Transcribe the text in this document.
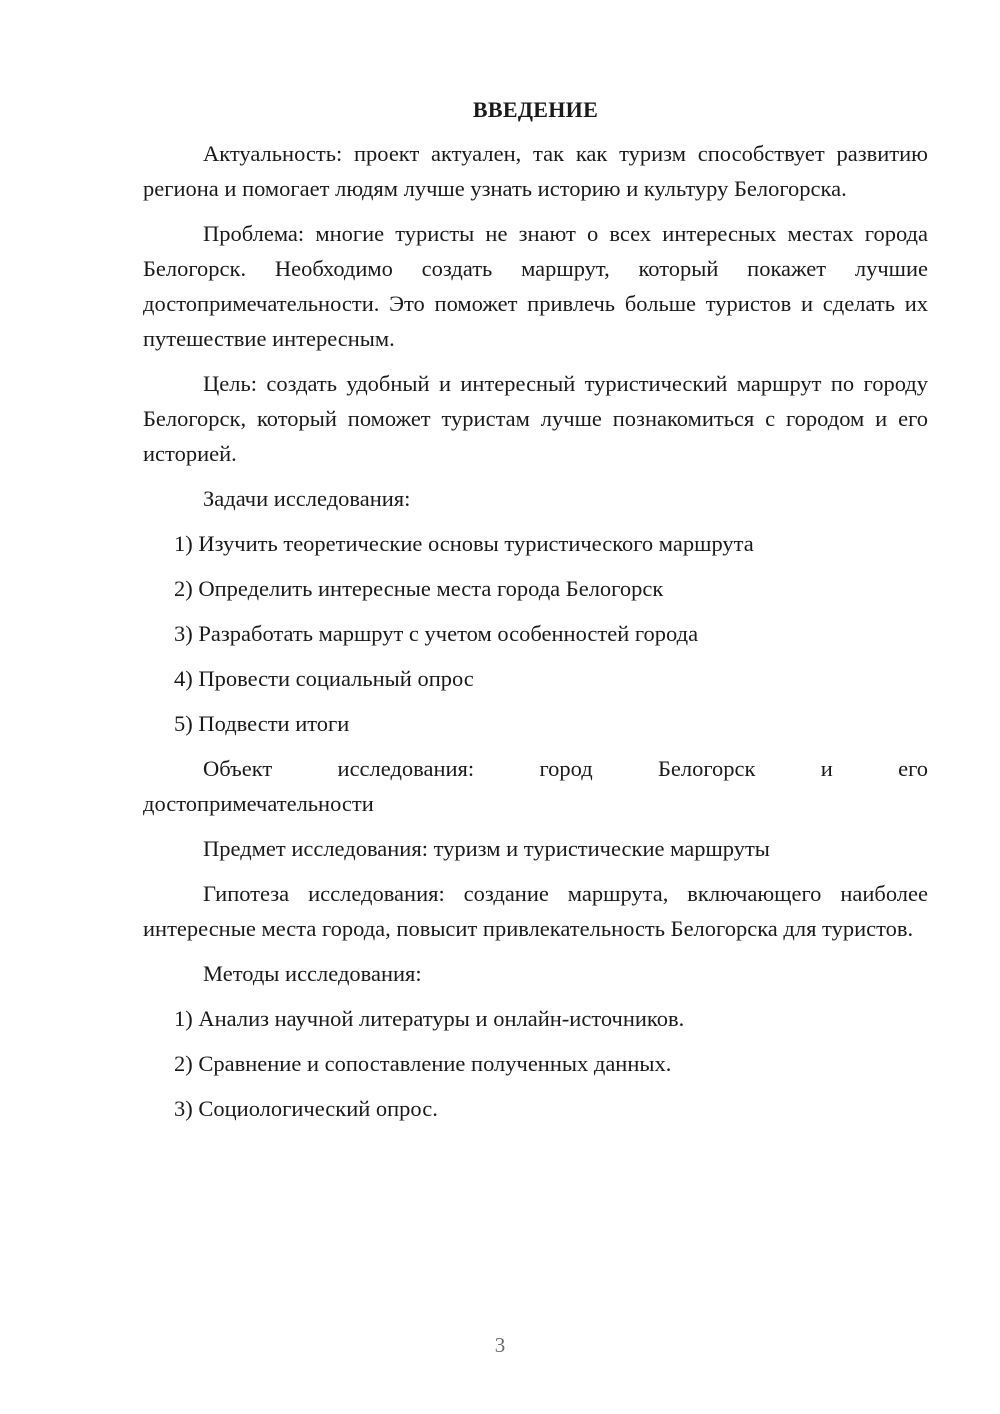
ВВЕДЕНИЕ
Актуальность: проект актуален, так как туризм способствует развитию региона и помогает людям лучше узнать историю и культуру Белогорска.
Проблема: многие туристы не знают о всех интересных местах города Белогорск. Необходимо создать маршрут, который покажет лучшие достопримечательности. Это поможет привлечь больше туристов и сделать их путешествие интересным.
Цель: создать удобный и интересный туристический маршрут по городу Белогорск, который поможет туристам лучше познакомиться с городом и его историей.
Задачи исследования:
1) Изучить теоретические основы туристического маршрута
2) Определить интересные места города Белогорск
3) Разработать маршрут с учетом особенностей города
4) Провести социальный опрос
5) Подвести итоги
Объект исследования: город Белогорск и его
достопримечательности
Предмет исследования: туризм и туристические маршруты
Гипотеза исследования: создание маршрута, включающего наиболее интересные места города, повысит привлекательность Белогорска для туристов.
Методы исследования:
1) Анализ научной литературы и онлайн-источников.
2) Сравнение и сопоставление полученных данных.
3) Социологический опрос.
3
